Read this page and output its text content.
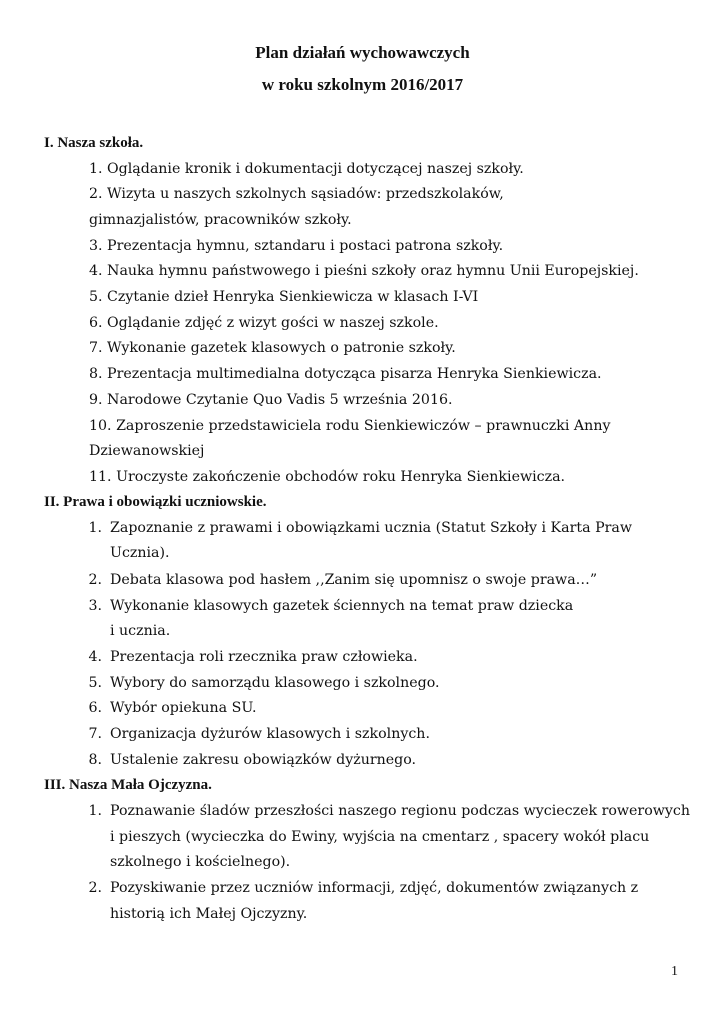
Plan działań wychowawczych
w roku szkolnym 2016/2017
I. Nasza szkoła.
1. Oglądanie kronik i dokumentacji dotyczącej naszej szkoły.
2. Wizyta u naszych szkolnych sąsiadów: przedszkolaków,
gimnazjalistów, pracowników szkoły.
3. Prezentacja hymnu, sztandaru i postaci patrona szkoły.
4. Nauka hymnu państwowego i pieśni szkoły oraz hymnu Unii Europejskiej.
5. Czytanie dzieł Henryka Sienkiewicza w klasach I-VI
6. Oglądanie zdjęć z wizyt gości w naszej szkole.
7. Wykonanie gazetek klasowych o patronie szkoły.
8. Prezentacja multimedialna dotycząca pisarza Henryka Sienkiewicza.
9. Narodowe Czytanie Quo Vadis 5 września 2016.
10. Zaproszenie przedstawiciela rodu Sienkiewiczów – prawnuczki Anny
Dziewanowskiej
11. Uroczyste zakończenie obchodów roku Henryka Sienkiewicza.
II. Prawa i obowiązki uczniowskie.
1. Zapoznanie z prawami i obowiązkami ucznia (Statut Szkoły i Karta Praw
Ucznia).
2. Debata klasowa pod hasłem ,,Zanim się upomnisz o swoje prawa…”
3. Wykonanie klasowych gazetek ściennych na temat praw dziecka
i ucznia.
4. Prezentacja roli rzecznika praw człowieka.
5. Wybory do samorządu klasowego i szkolnego.
6. Wybór opiekuna SU.
7. Organizacja dyżurów klasowych i szkolnych.
8. Ustalenie zakresu obowiązków dyżurnego.
III. Nasza Mała Ojczyzna.
1. Poznawanie śladów przeszłości naszego regionu podczas wycieczek rowerowych
i pieszych (wycieczka do Ewiny, wyjścia na cmentarz , spacery wokół placu
szkolnego i kościelnego).
2. Pozyskiwanie przez uczniów informacji, zdjęć, dokumentów związanych z
historią ich Małej Ojczyzny.
1
